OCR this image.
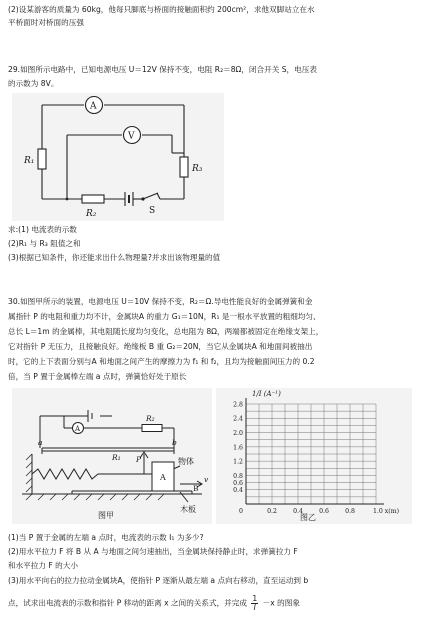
(2)设某游客的质量为 60kg，他每只脚底与桥面的接触面积约 200cm²，求他双脚站立在水
平桥面时对桥面的压强
29.如图所示电路中，已知电源电压 U＝12V 保持不变，电阻 R₂＝8Ω，闭合开关 S，电压表
的示数为 8V。
A
V
R₁
R₃
R₂	S
求:(1) 电流表的示数
(2)R₁ 与 R₃ 阻值之和
(3)根据已知条件，你还能求出什么物理量?并求出该物理量的值
30.如图甲所示的装置，电源电压 U＝10V 保持不变，R₂＝Ω.导电性能良好的金属弹簧和金
属指针 P 的电阻和重力均不计，金属块A 的重力 G₁＝10N，R₁ 是一根水平放置的粗细均匀、
总长 L＝1m 的金属棒，其电阻随长度均匀变化，总电阻为 8Ω，两端都被固定在绝缘支架上，
它对指针 P 无压力，且接触良好。绝缘板 B 重 G₂＝20N，当它从金属块A 和地面间被抽出
时，它的上下表面分别与A 和地面之间产生的摩擦力为 f₁ 和 f₂，且均为接触面间压力的 0.2
倍，当 P 置于金属棒左端 a 点时，弹簧恰好处于原长
A
R₂
a	b
R₁ P
A
B
v
物体
木板
图甲
0.4
0.6
0.8
1.2
1.6
2.0
2.4
2.8
0	0.2	0.4	0.6	0.8	1.0 x(m)
1/I (A⁻¹)
图乙
(1)当 P 置于金属的左端 a 点时，电流表的示数 I₁ 为多少?
(2)用水平拉力 F 将 B 从 A 与地面之间匀速抽出，当金属块保持静止时，求弹簧拉力 F
和水平拉力 F 的大小
(3)用水平向右的拉力拉动金属块A，使指针 P 逐渐从最左端 a 点向右移动，直至运动到 b
点，试求出电流表的示数和指针 P 移动的距离 x 之间的关系式，并完成 $\frac{1}{I} -x$ 的图象
